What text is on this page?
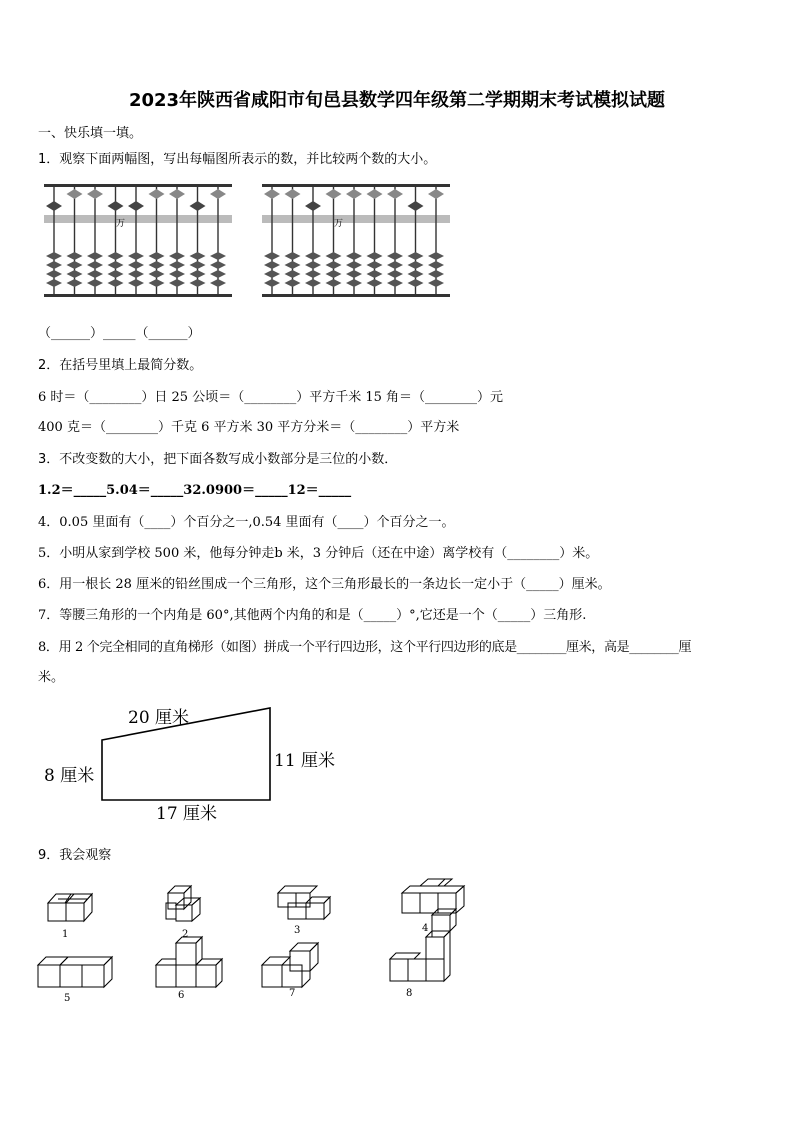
2023年陕西省咸阳市旬邑县数学四年级第二学期期末考试模拟试题
一、快乐填一填。
1．观察下面两幅图，写出每幅图所表示的数，并比较两个数的大小。
万	万
（______）_____（______）
2．在括号里填上最简分数。
6 时＝（________）日 25 公顷＝（________）平方千米 15 角＝（________）元
400 克＝（________）千克 6 平方米 30 平方分米＝（________）平方米
3．不改变数的大小，把下面各数写成小数部分是三位的小数．
1.2＝_____5.04＝_____32.0900＝_____12＝_____
4．0.05 里面有（____）个百分之一,0.54 里面有（____）个百分之一。
5．小明从家到学校 500 米，他每分钟走b 米，3 分钟后（还在中途）离学校有（________）米。
6．用一根长 28 厘米的铅丝围成一个三角形，这个三角形最长的一条边长一定小于（_____）厘米。
7．等腰三角形的一个内角是 60°,其他两个内角的和是（_____）°,它还是一个（_____）三角形.
8．用 2 个完全相同的直角梯形（如图）拼成一个平行四边形，这个平行四边形的底是________厘米，高是________厘
米。
20 厘米
8 厘米
11 厘米
17 厘米
9．我会观察
1	2	3	4
5	6	7	8
